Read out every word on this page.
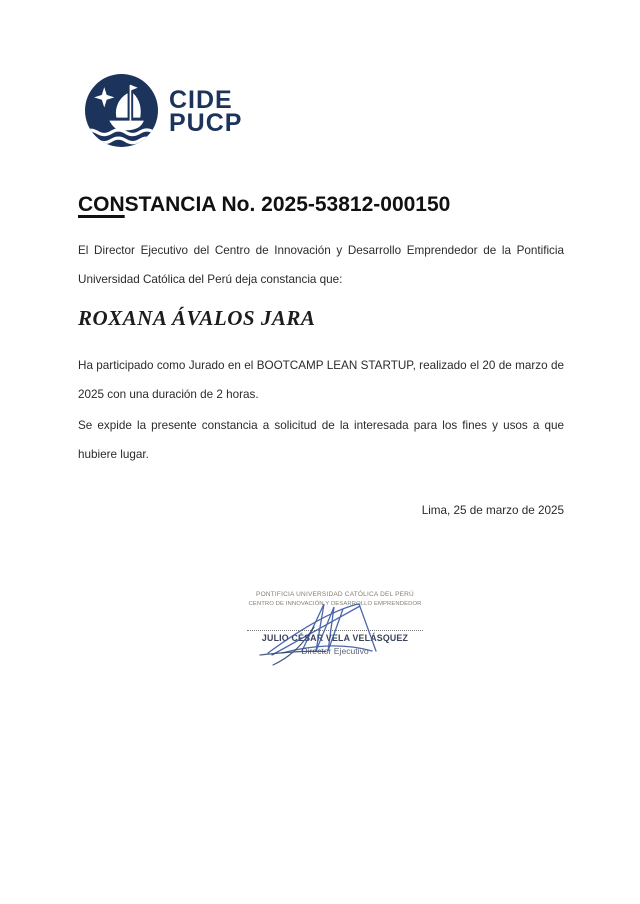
CIDE
PUCP
CONSTANCIA No. 2025-53812-000150

El Director Ejecutivo del Centro de Innovación y Desarrollo Emprendedor de la Pontificia Universidad Católica del Perú deja constancia que:

ROXANA ÁVALOS JARA

Ha participado como Jurado en el BOOTCAMP LEAN STARTUP, realizado el 20 de marzo de 2025 con una duración de 2 horas.

Se expide la presente constancia a solicitud de la interesada para los fines y usos a que hubiere lugar.

Lima, 25 de marzo de 2025

PONTIFICIA UNIVERSIDAD CATÓLICA DEL PERÚ
CENTRO DE INNOVACIÓN Y DESARROLLO EMPRENDEDOR
JULIO CÉSAR VELA VELÁSQUEZ
Director Ejecutivo
